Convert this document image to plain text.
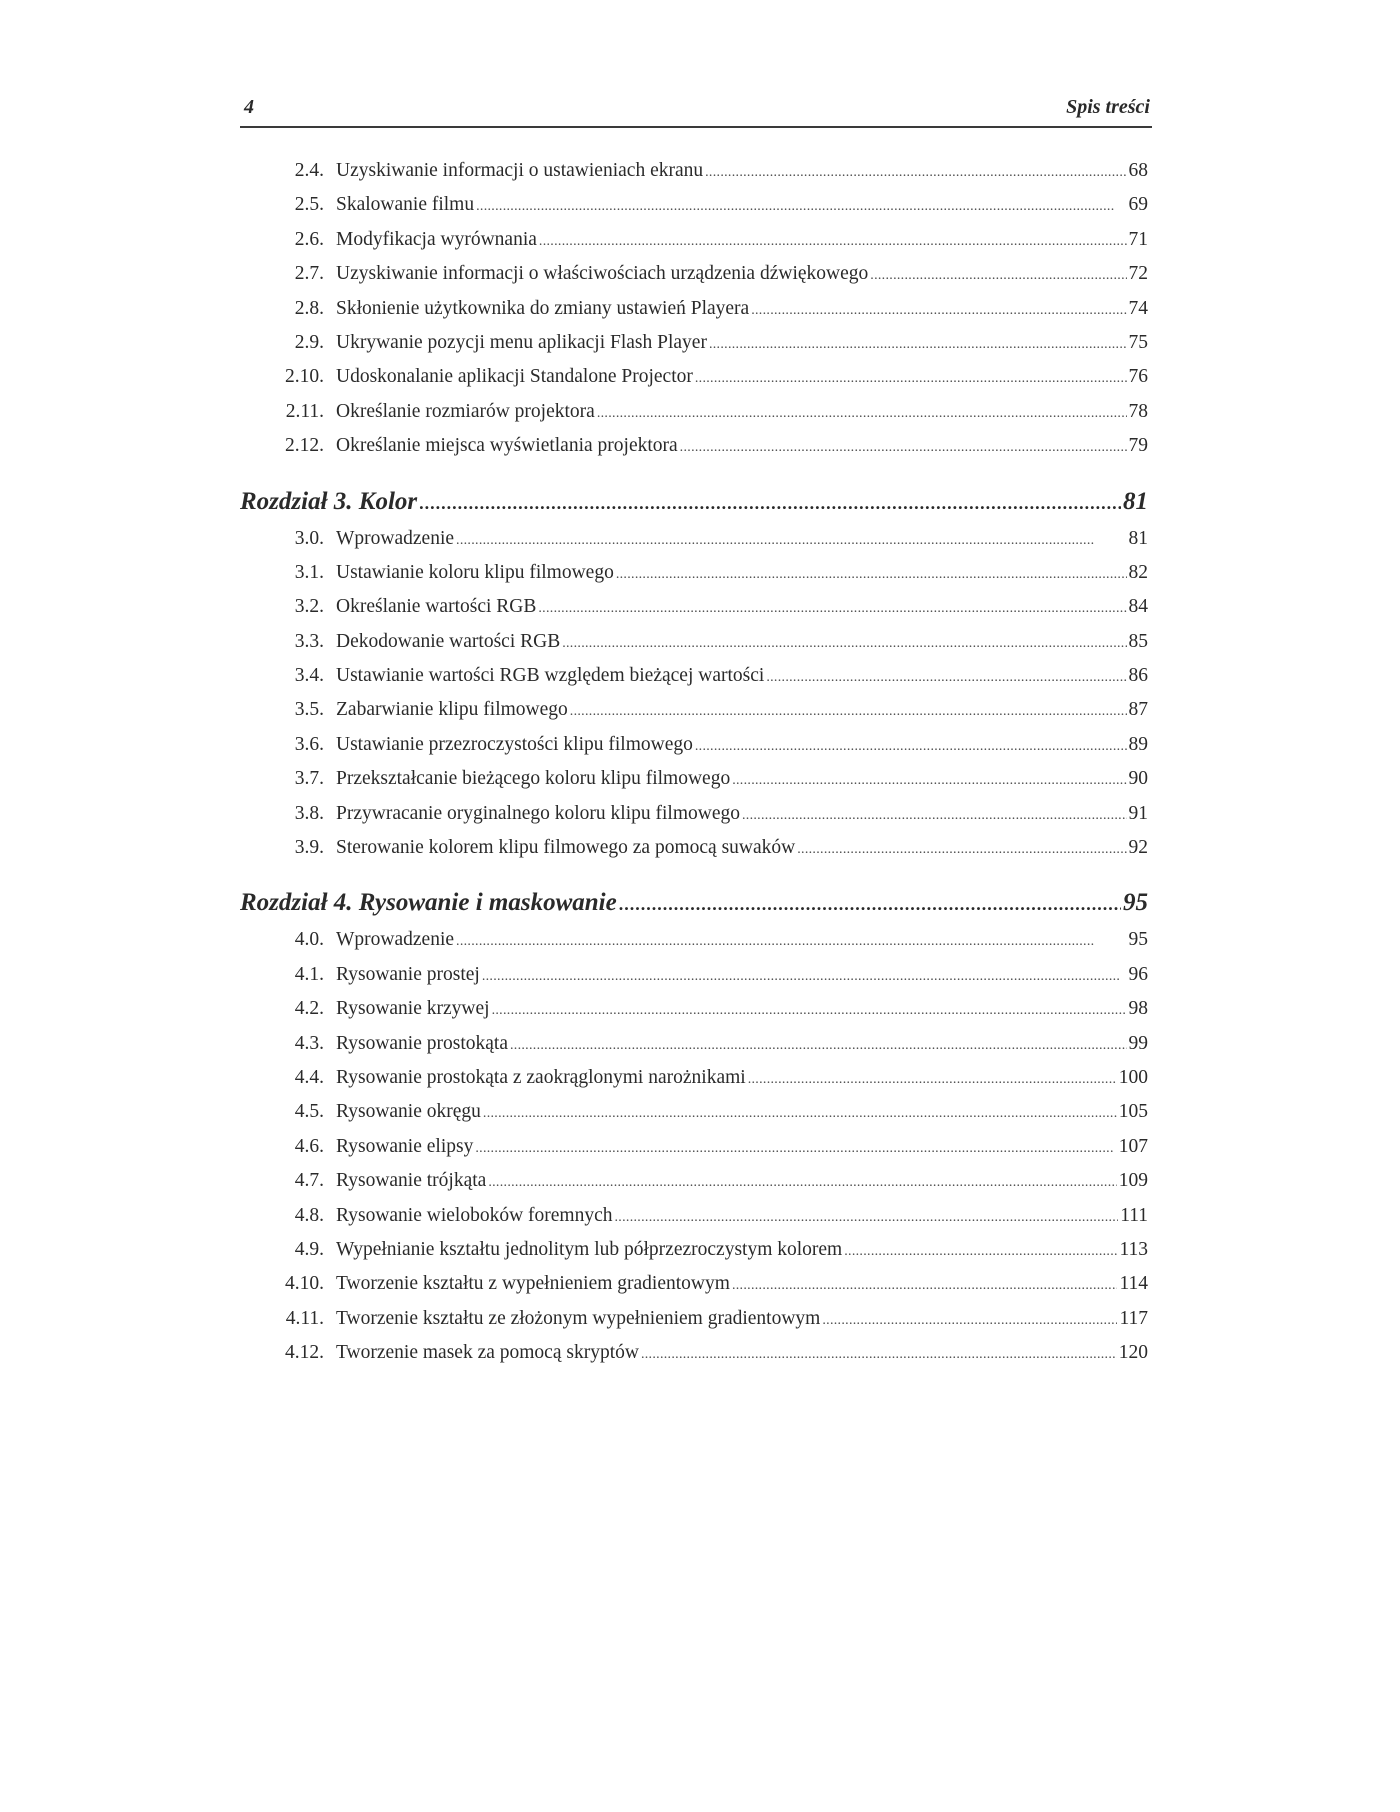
4	Spis treści
2.4. Uzyskiwanie informacji o ustawieniach ekranu . . .	68
2.5. Skalowanie filmu . . .	69
2.6. Modyfikacja wyrównania . . .	71
2.7. Uzyskiwanie informacji o właściwościach urządzenia dźwiękowego . . .	72
2.8. Skłonienie użytkownika do zmiany ustawień Playera . . .	74
2.9. Ukrywanie pozycji menu aplikacji Flash Player . . .	75
2.10. Udoskonalanie aplikacji Standalone Projector . . .	76
2.11. Określanie rozmiarów projektora . . .	78
2.12. Określanie miejsca wyświetlania projektora . . .	79
Rozdział 3. Kolor .....	81
3.0. Wprowadzenie . . .	81
3.1. Ustawianie koloru klipu filmowego . . .	82
3.2. Określanie wartości RGB . . .	84
3.3. Dekodowanie wartości RGB . . .	85
3.4. Ustawianie wartości RGB względem bieżącej wartości . . .	86
3.5. Zabarwianie klipu filmowego . . .	87
3.6. Ustawianie przezroczystości klipu filmowego . . .	89
3.7. Przekształcanie bieżącego koloru klipu filmowego . . .	90
3.8. Przywracanie oryginalnego koloru klipu filmowego . . .	91
3.9. Sterowanie kolorem klipu filmowego za pomocą suwaków . . .	92
Rozdział 4. Rysowanie i maskowanie .....	95
4.0. Wprowadzenie . . .	95
4.1. Rysowanie prostej . . .	96
4.2. Rysowanie krzywej . . .	98
4.3. Rysowanie prostokąta . . .	99
4.4. Rysowanie prostokąta z zaokrąglonymi narożnikami . . .	100
4.5. Rysowanie okręgu . . .	105
4.6. Rysowanie elipsy . . .	107
4.7. Rysowanie trójkąta . . .	109
4.8. Rysowanie wieloboków foremnych . . .	111
4.9. Wypełnianie kształtu jednolitym lub półprzezroczystym kolorem . . .	113
4.10. Tworzenie kształtu z wypełnieniem gradientowym . . .	114
4.11. Tworzenie kształtu ze złożonym wypełnieniem gradientowym . . .	117
4.12. Tworzenie masek za pomocą skryptów . . .	120
